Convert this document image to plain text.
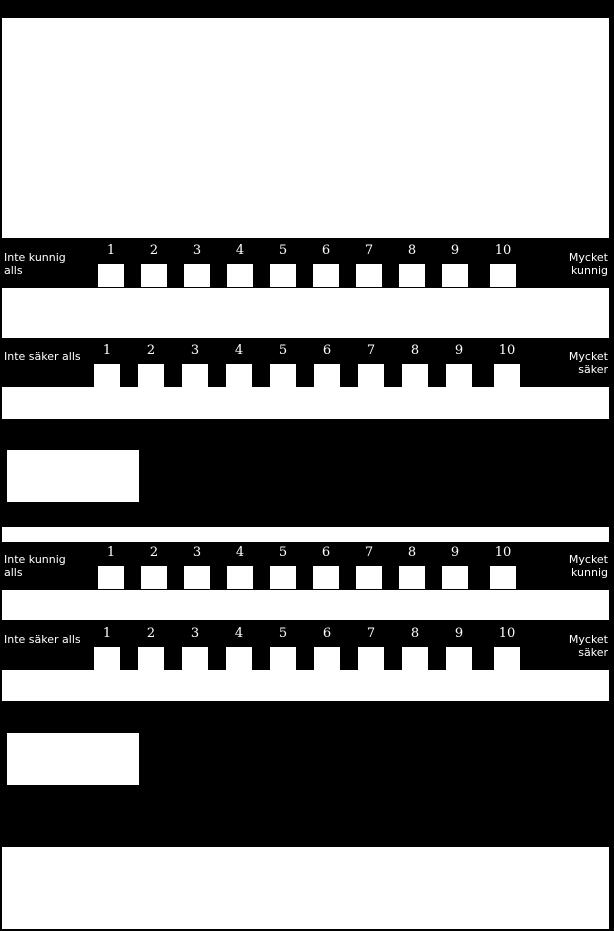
Inte kunnig alls
Mycket kunnig
1	2	3	4	5	6	7	8	9	10
Inte säker alls	Mycket säker
1	2	3	4	5	6	7	8	9	10
Inte kunnig alls
Mycket kunnig
1	2	3	4	5	6	7	8	9	10
Inte säker alls	Mycket säker
1	2	3	4	5	6	7	8	9	10
